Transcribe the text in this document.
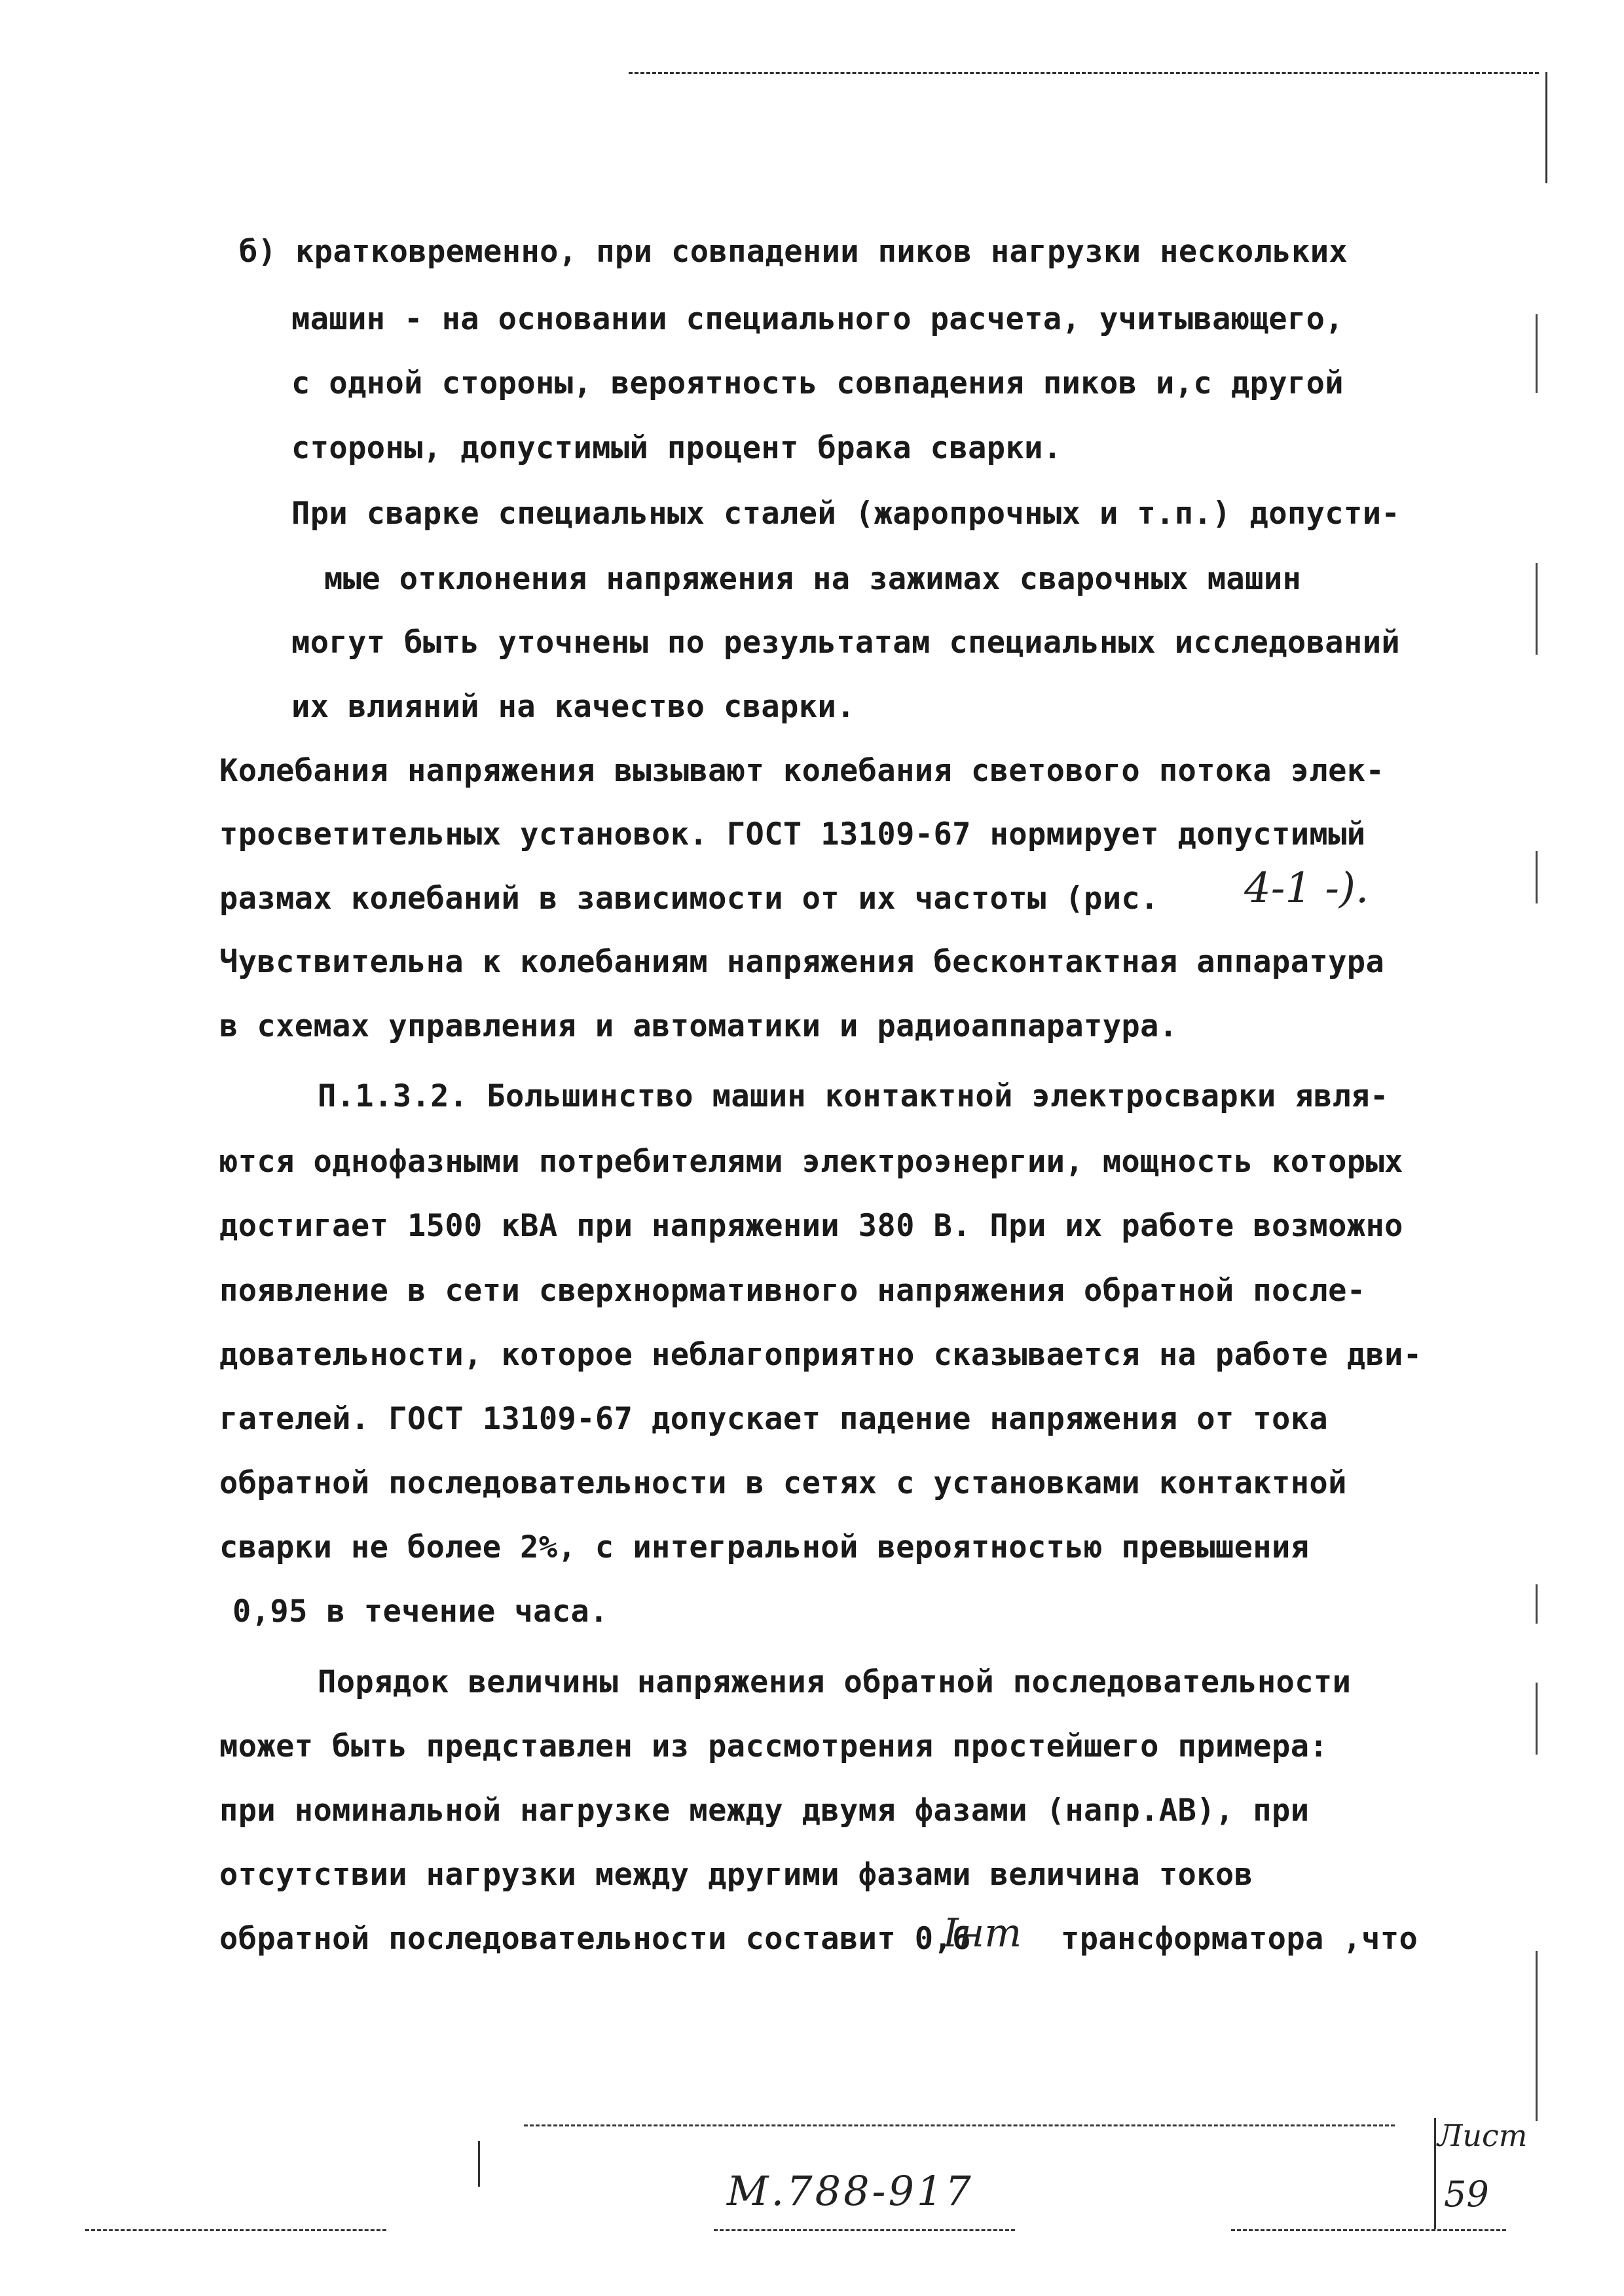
б) кратковременно, при совпадении пиков нагрузки нескольких
машин - на основании специального расчета, учитывающего,
с одной стороны, вероятность совпадения пиков и,с другой
стороны, допустимый процент брака сварки.
При сварке специальных сталей (жаропрочных и т.п.) допусти-
мые отклонения напряжения на зажимах сварочных машин
могут быть уточнены по результатам специальных исследований
их влияний на качество сварки.
Колебания напряжения вызывают колебания светового потока элек-
тросветительных установок. ГОСТ 13109-67 нормирует допустимый
размах колебаний в зависимости от их частоты (рис. 4-1 -).
Чувствительна к колебаниям напряжения бесконтактная аппаратура
в схемах управления и автоматики и радиоаппаратура.
П.1.3.2. Большинство машин контактной электросварки явля-
ются однофазными потребителями электроэнергии, мощность которых
достигает 1500 кВА при напряжении 380 В. При их работе возможно
появление в сети сверхнормативного напряжения обратной после-
довательности, которое неблагоприятно сказывается на работе дви-
гателей. ГОСТ 13109-67 допускает падение напряжения от тока
обратной последовательности в сетях с установками контактной
сварки не более 2%, с интегральной вероятностью превышения
0,95 в течение часа.
Порядок величины напряжения обратной последовательности
может быть представлен из рассмотрения простейшего примера:
при номинальной нагрузке между двумя фазами (напр.АВ), при
отсутствии нагрузки между другими фазами величина токов
обратной последовательности составит 0,6
Iнт трансформатора ,что
М.788-917
Лист
59
